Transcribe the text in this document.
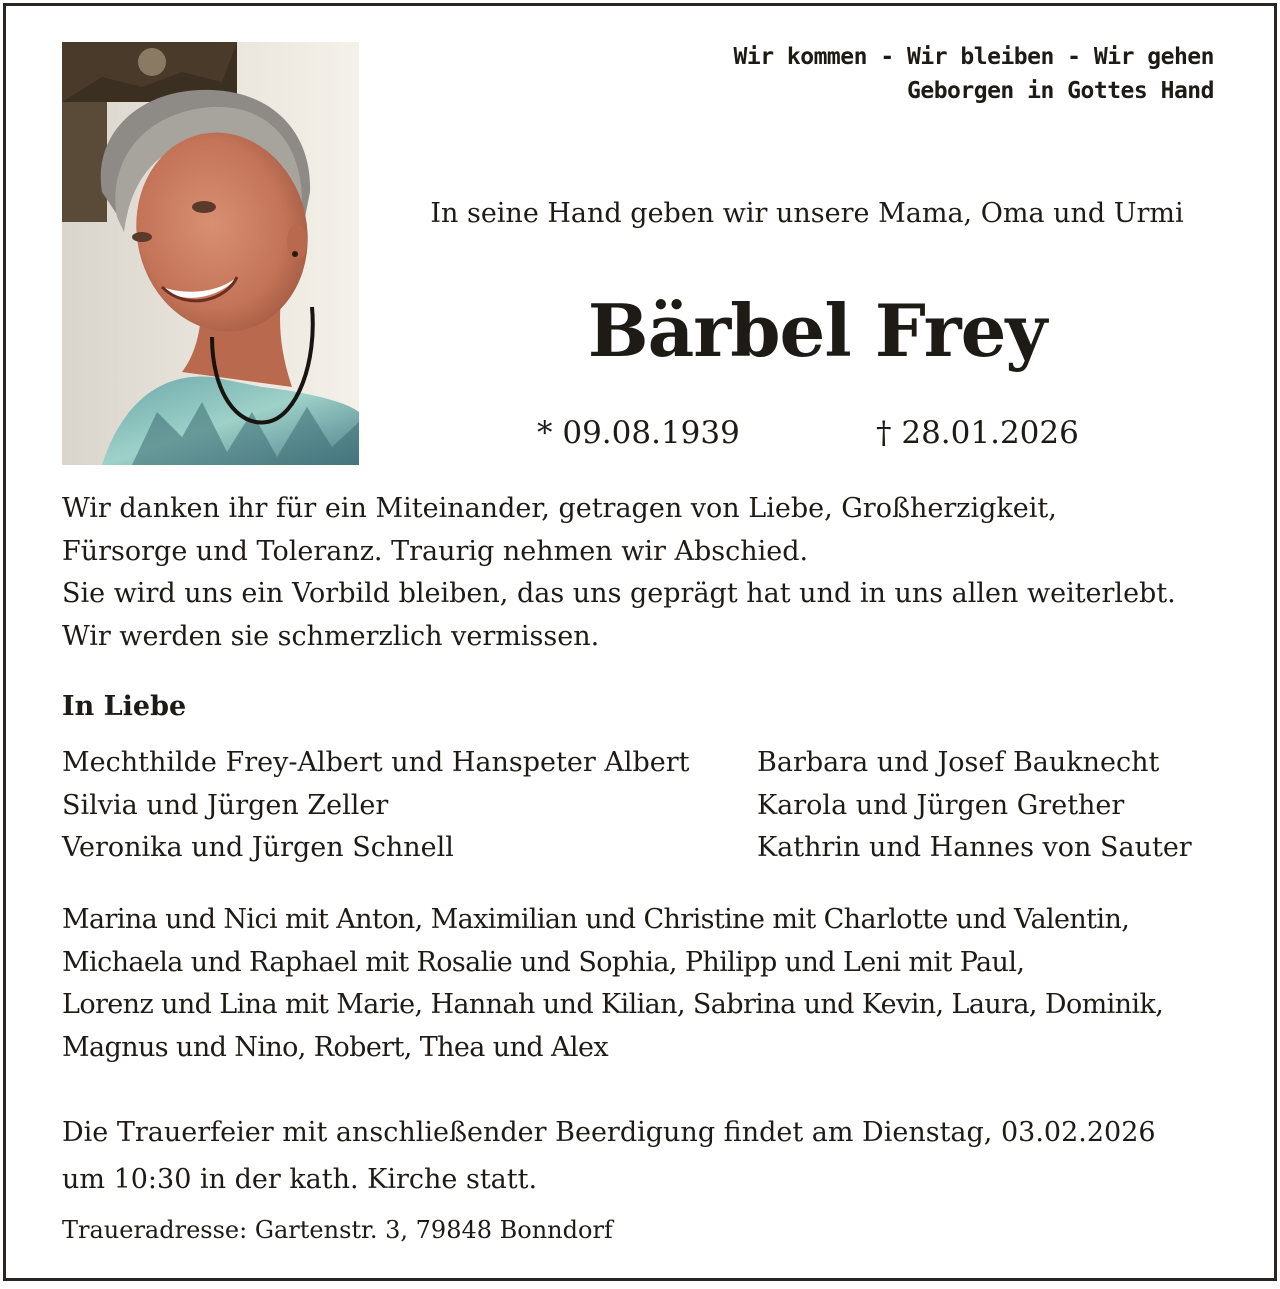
Wir kommen - Wir bleiben - Wir gehen
Geborgen in Gottes Hand
In seine Hand geben wir unsere Mama, Oma und Urmi
Bärbel Frey
* 09.08.1939	† 28.01.2026
Wir danken ihr für ein Miteinander, getragen von Liebe, Großherzigkeit,
Fürsorge und Toleranz. Traurig nehmen wir Abschied.
Sie wird uns ein Vorbild bleiben, das uns geprägt hat und in uns allen weiterlebt.
Wir werden sie schmerzlich vermissen.
In Liebe
Mechthilde Frey-Albert und Hanspeter Albert
Silvia und Jürgen Zeller
Veronika und Jürgen Schnell
Barbara und Josef Bauknecht
Karola und Jürgen Grether
Kathrin und Hannes von Sauter
Marina und Nici mit Anton, Maximilian und Christine mit Charlotte und Valentin,
Michaela und Raphael mit Rosalie und Sophia, Philipp und Leni mit Paul,
Lorenz und Lina mit Marie, Hannah und Kilian, Sabrina und Kevin, Laura, Dominik,
Magnus und Nino, Robert, Thea und Alex
Die Trauerfeier mit anschließender Beerdigung findet am Dienstag, 03.02.2026
um 10:30 in der kath. Kirche statt.
Traueradresse: Gartenstr. 3, 79848 Bonndorf
